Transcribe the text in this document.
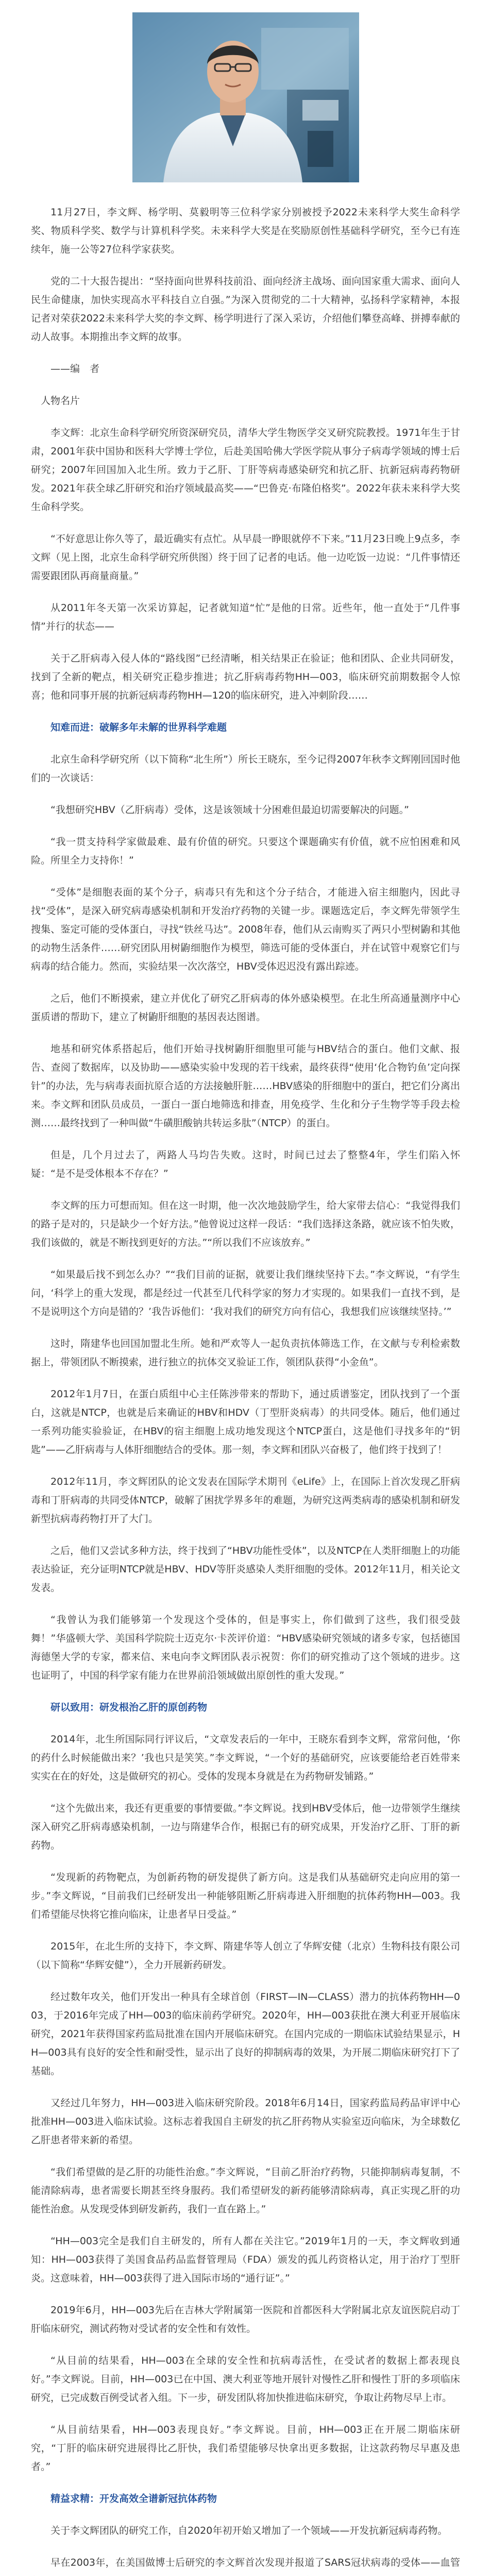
11月27日，李文辉、杨学明、莫毅明等三位科学家分别被授予2022未来科学大奖生命科学奖、物质科学奖、数学与计算机科学奖。未来科学大奖是在奖励原创性基础科学研究，至今已有连续年，施一公等27位科学家获奖。

党的二十大报告提出：“坚持面向世界科技前沿、面向经济主战场、面向国家重大需求、面向人民生命健康，加快实现高水平科技自立自强。”为深入贯彻党的二十大精神，弘扬科学家精神，本报记者对荣获2022未来科学大奖的李文辉、杨学明进行了深入采访，介绍他们攀登高峰、拼搏奉献的动人故事。本期推出李文辉的故事。

——编　者

人物名片

李文辉：北京生命科学研究所资深研究员，清华大学生物医学交叉研究院教授。1971年生于甘肃，2001年获中国协和医科大学博士学位，后赴美国哈佛大学医学院从事分子病毒学领域的博士后研究；2007年回国加入北生所。致力于乙肝、丁肝等病毒感染研究和抗乙肝、抗新冠病毒药物研发。2021年获全球乙肝研究和治疗领域最高奖——“巴鲁克·布隆伯格奖”。2022年获未来科学大奖生命科学奖。

“不好意思让你久等了，最近确实有点忙。从早晨一睁眼就停不下来。”11月23日晚上9点多，李文辉（见上图，北京生命科学研究所供图）终于回了记者的电话。他一边吃饭一边说：“几件事情还需要跟团队再商量商量。”

从2011年冬天第一次采访算起，记者就知道“忙”是他的日常。近些年，他一直处于“几件事情”并行的状态——

关于乙肝病毒入侵人体的“路线图”已经清晰，相关结果正在验证；他和团队、企业共同研发，找到了全新的靶点，相关研究正稳步推进；抗乙肝病毒药物HH—003，临床研究前期数据令人惊喜；他和同事开展的抗新冠病毒药物HH—120的临床研究，进入冲刺阶段……

知难而进：破解多年未解的世界科学难题

北京生命科学研究所（以下简称“北生所”）所长王晓东，至今记得2007年秋李文辉刚回国时他们的一次谈话：

“我想研究HBV（乙肝病毒）受体，这是该领域十分困难但最迫切需要解决的问题。”

“我一贯支持科学家做最难、最有价值的研究。只要这个课题确实有价值，就不应怕困难和风险。所里全力支持你！”

“受体”是细胞表面的某个分子，病毒只有先和这个分子结合，才能进入宿主细胞内，因此寻找“受体”，是深入研究病毒感染机制和开发治疗药物的关键一步。课题选定后，李文辉先带领学生搜集、鉴定可能的受体蛋白，寻找“铁丝马达”。2008年春，他们从云南购买了两只小型树鼩和其他的动物生活条件……研究团队用树鼩细胞作为模型，筛选可能的受体蛋白，并在试管中观察它们与病毒的结合能力。然而，实验结果一次次落空，HBV受体迟迟没有露出踪迹。

之后，他们不断摸索，建立并优化了研究乙肝病毒的体外感染模型。在北生所高通量测序中心蛋质谱的帮助下，建立了树鼩肝细胞的基因表达图谱。

地基和研究体系搭起后，他们开始寻找树鼩肝细胞里可能与HBV结合的蛋白。他们文献、报告、查阅了数据库，以及协助——感染实验中发现的若干线索，最终获得“使用‘化合物钓鱼’定向探针”的办法，先与病毒表面抗原合适的方法接触肝脏……HBV感染的肝细胞中的蛋白，把它们分离出来。李文辉和团队员成员，一蛋白一蛋白地筛选和排查，用免疫学、生化和分子生物学等手段去检测……最终找到了一种叫做“牛磺胆酸钠共转运多肽”（NTCP）的蛋白。

但是，几个月过去了，两路人马均告失败。这时，时间已过去了整整4年，学生们陷入怀疑：“是不是受体根本不存在？”

李文辉的压力可想而知。但在这一时期，他一次次地鼓励学生，给大家带去信心：“我觉得我们的路子是对的，只是缺少一个好方法。”他曾说过这样一段话：“我们选择这条路，就应该不怕失败，我们该做的，就是不断找到更好的方法。”“所以我们不应该放弃。”

“如果最后找不到怎么办？”“我们目前的证据，就要让我们继续坚持下去。”李文辉说，“有学生问，‘科学上的重大发现，都是经过一代甚至几代科学家的努力才实现的。如果我们一直找不到，是不是说明这个方向是错的？’我告诉他们：‘我对我们的研究方向有信心，我想我们应该继续坚持。’”

这时，隋建华也回国加盟北生所。她和严欢等人一起负责抗体筛选工作，在文献与专利检索数据上，带领团队不断摸索，进行独立的抗体交叉验证工作，领团队获得“小金鱼”。

2012年1月7日，在蛋白质组中心主任陈涉带来的帮助下，通过质谱鉴定，团队找到了一个蛋白，这就是NTCP，也就是后来确证的HBV和HDV（丁型肝炎病毒）的共同受体。随后，他们通过一系列功能实验验证，在HBV的宿主细胞上成功地发现这个NTCP蛋白，这是他们寻找多年的“钥匙”——乙肝病毒与人体肝细胞结合的受体。那一刻，李文辉和团队兴奋极了，他们终于找到了！

2012年11月，李文辉团队的论文发表在国际学术期刊《eLife》上，在国际上首次发现乙肝病毒和丁肝病毒的共同受体NTCP，破解了困扰学界多年的难题，为研究这两类病毒的感染机制和研发新型抗病毒药物打开了大门。

之后，他们又尝试多种方法，终于找到了“HBV功能性受体”，以及NTCP在人类肝细胞上的功能表达验证，充分证明NTCP就是HBV、HDV等肝炎感染人类肝细胞的受体。2012年11月，相关论文发表。

“我曾认为我们能够第一个发现这个受体的，但是事实上，你们做到了这些，我们很受鼓舞！”华盛顿大学、美国科学院院士迈克尔·卡茨评价道：“HBV感染研究领域的诸多专家，包括德国海德堡大学的专家，都来信、来电向李文辉团队表示祝贺：你们的研究推动了这个领域的进步。这也证明了，中国的科学家有能力在世界前沿领域做出原创性的重大发现。”

研以致用：研发根治乙肝的原创药物

2014年，北生所国际同行评议后，“文章发表后的一年中，王晓东看到李文辉，常常问他，‘你的药什么时候能做出来？’我也只是笑笑。”李文辉说，“一个好的基础研究，应该要能给老百姓带来实实在在的好处，这是做研究的初心。受体的发现本身就是在为药物研发铺路。”

“这个先做出来，我还有更重要的事情要做。”李文辉说。找到HBV受体后，他一边带领学生继续深入研究乙肝病毒感染机制，一边与隋建华合作，根据已有的研究成果，开发治疗乙肝、丁肝的新药物。

“发现新的药物靶点，为创新药物的研发提供了新方向。这是我们从基础研究走向应用的第一步。”李文辉说，“目前我们已经研发出一种能够阻断乙肝病毒进入肝细胞的抗体药物HH—003。我们希望能尽快将它推向临床，让患者早日受益。”

2015年，在北生所的支持下，李文辉、隋建华等人创立了华辉安健（北京）生物科技有限公司（以下简称“华辉安健”），全力开展新药研发。

经过数年攻关，他们开发出一种具有全球首创（FIRST—IN—CLASS）潜力的抗体药物HH—003，于2016年完成了HH—003的临床前药学研究。2020年，HH—003获批在澳大利亚开展临床研究，2021年获得国家药监局批准在国内开展临床研究。在国内完成的一期临床试验结果显示，HH—003具有良好的安全性和耐受性，显示出了良好的抑制病毒的效果，为开展二期临床研究打下了基础。

又经过几年努力，HH—003进入临床研究阶段。2018年6月14日，国家药监局药品审评中心批准HH—003进入临床试验。这标志着我国自主研发的抗乙肝药物从实验室迈向临床，为全球数亿乙肝患者带来新的希望。

“我们希望做的是乙肝的功能性治愈。”李文辉说，“目前乙肝治疗药物，只能抑制病毒复制，不能清除病毒，患者需要长期甚至终身服药。我们希望研发的新药能够清除病毒，真正实现乙肝的功能性治愈。从发现受体到研发新药，我们一直在路上。”

“HH—003完全是我们自主研发的，所有人都在关注它。”2019年1月的一天，李文辉收到通知：HH—003获得了美国食品药品监督管理局（FDA）颁发的孤儿药资格认定，用于治疗丁型肝炎。这意味着，HH—003获得了进入国际市场的“通行证”。”

2019年6月，HH—003先后在吉林大学附属第一医院和首都医科大学附属北京友谊医院启动丁肝临床研究，测试药物对受试者的安全性和有效性。

“从目前的结果看，HH—003在全球的安全性和抗病毒活性，在受试者的数据上都表现良好。”李文辉说。目前，HH—003已在中国、澳大利亚等地开展针对慢性乙肝和慢性丁肝的多项临床研究，已完成数百例受试者入组。下一步，研发团队将加快推进临床研究，争取让药物尽早上市。

“从目前结果看，HH—003表现良好。”李文辉说。目前，HH—003正在开展二期临床研究，“丁肝的临床研究进展得比乙肝快，我们希望能够尽快拿出更多数据，让这款药物尽早惠及患者。”

精益求精：开发高效全谱新冠抗体药物

关于李文辉团队的研究工作，自2020年初开始又增加了一个领域——开发抗新冠病毒药物。

早在2003年，在美国做博士后研究的李文辉首次发现并报道了SARS冠状病毒的受体——血管
